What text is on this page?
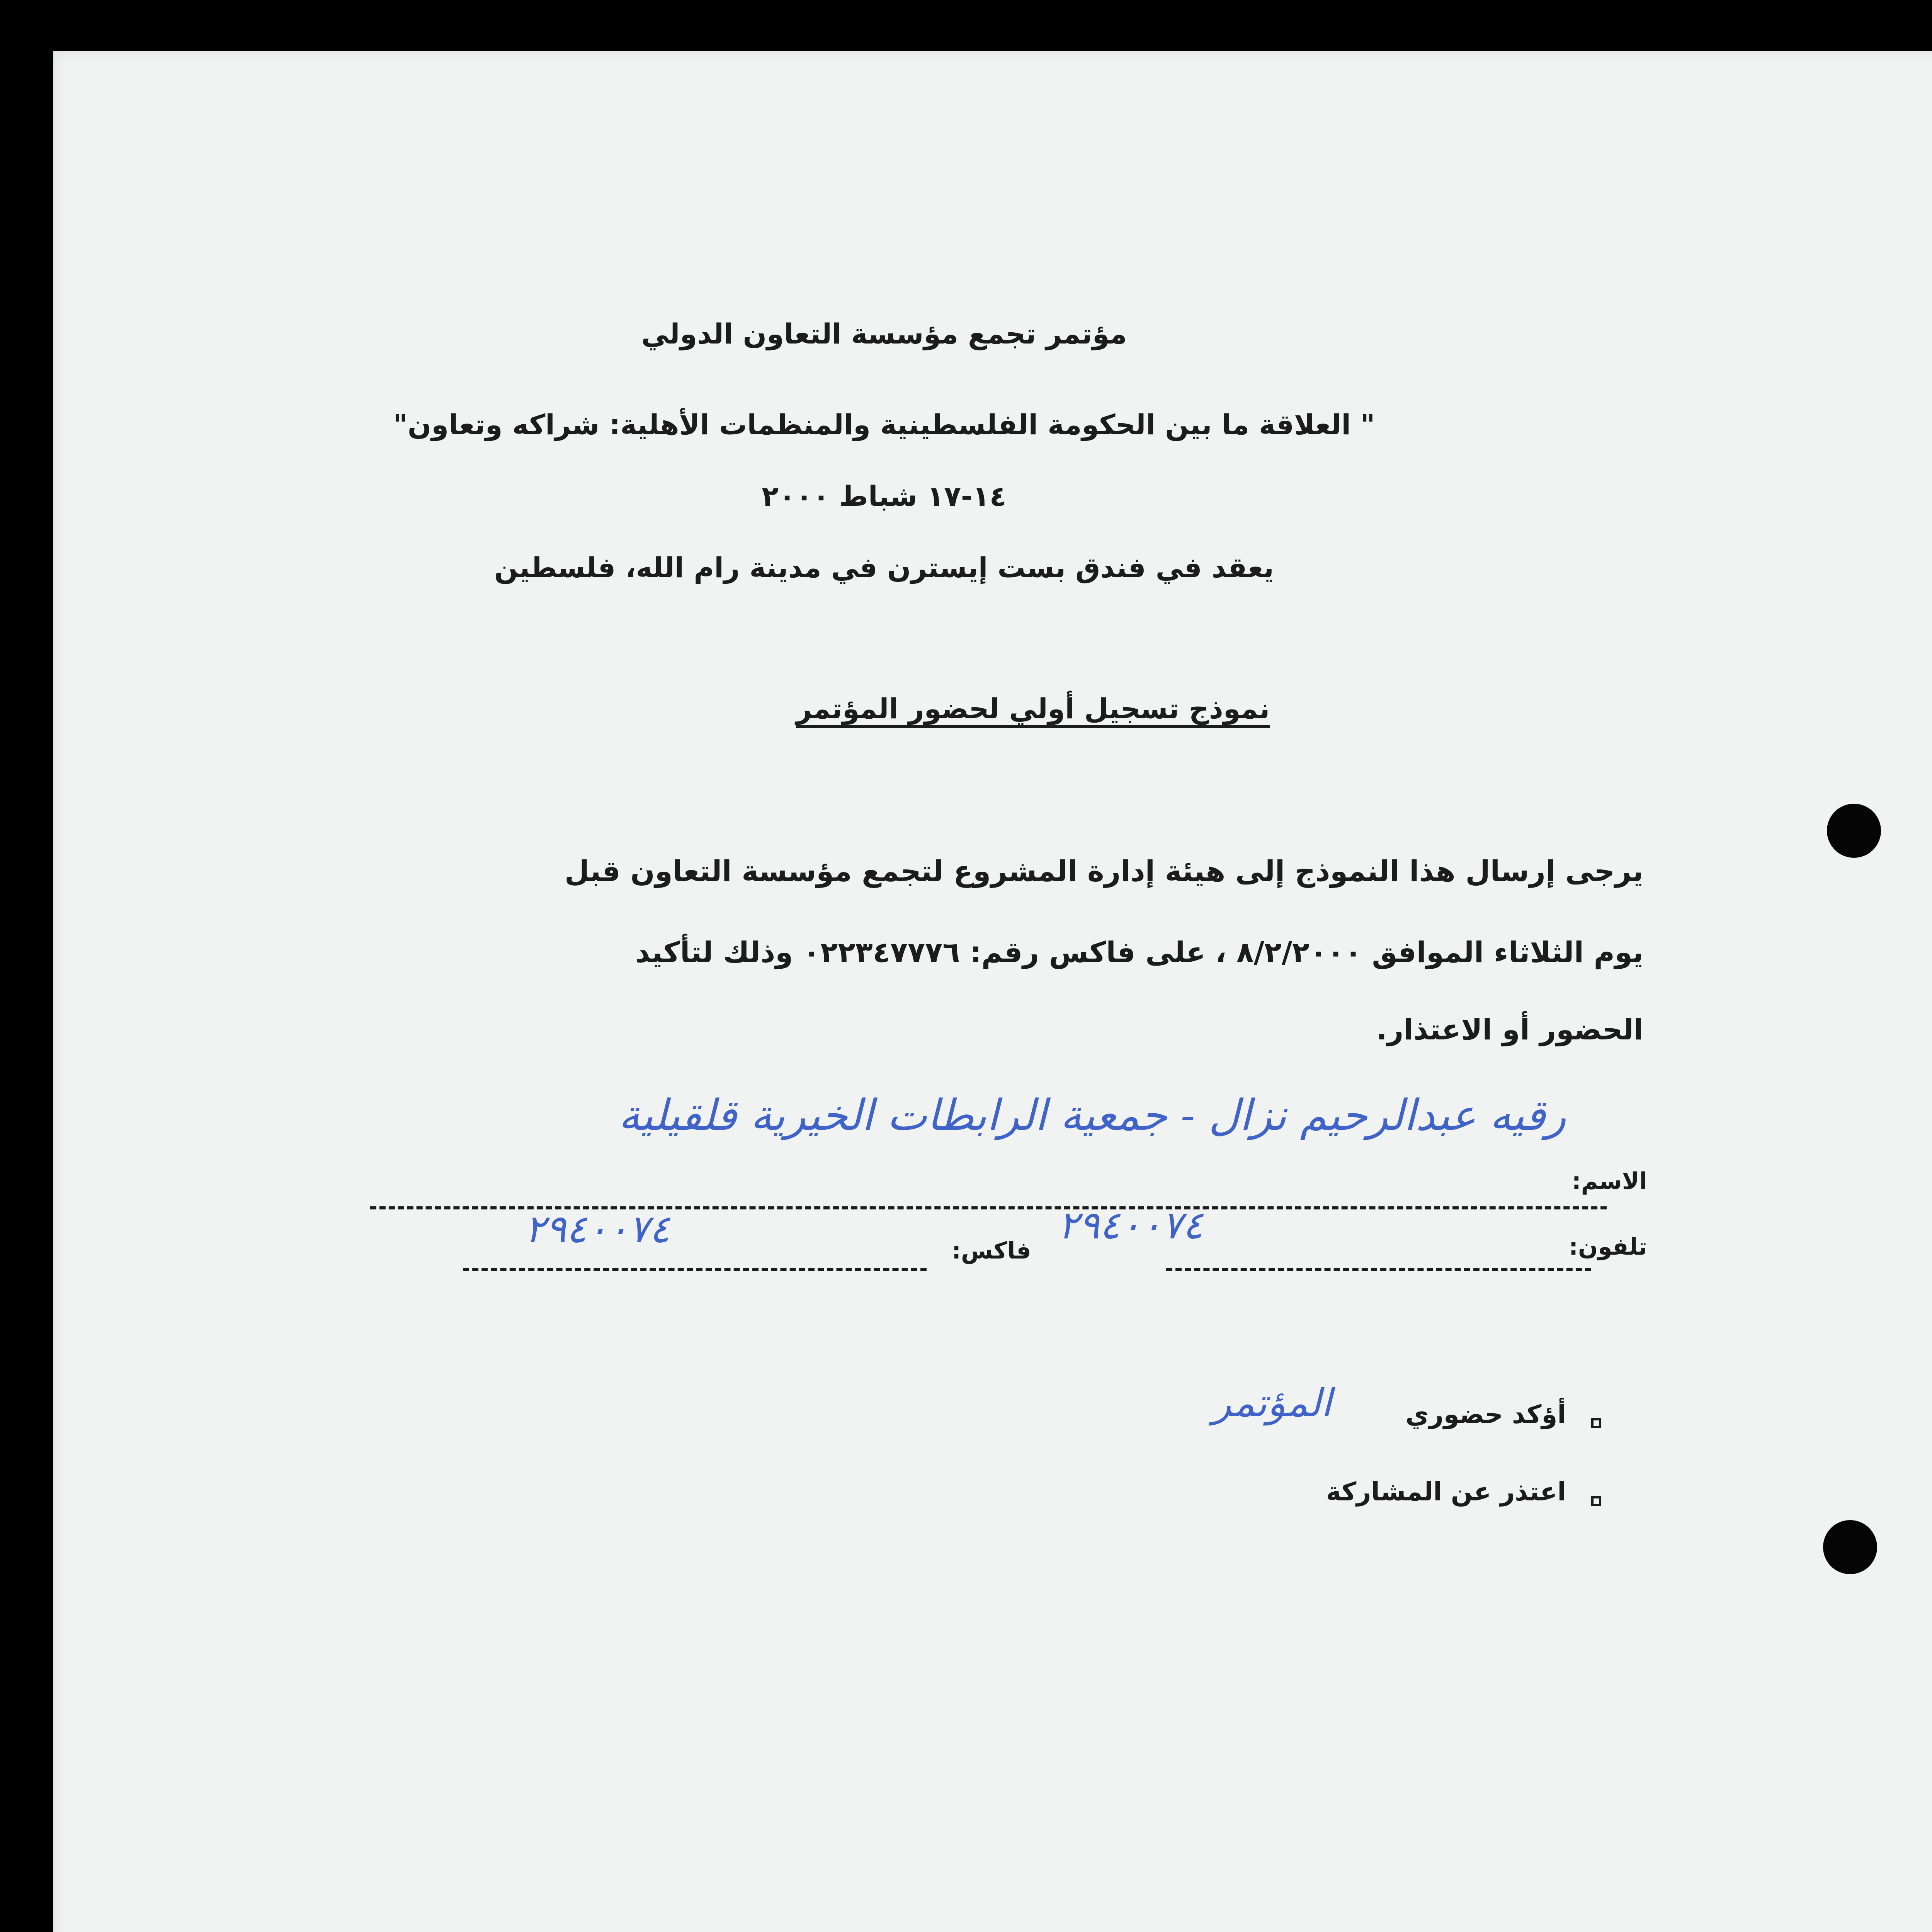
مؤتمر تجمع مؤسسة التعاون الدولي
" العلاقة ما بين الحكومة الفلسطينية والمنظمات الأهلية: شراكه وتعاون"
١٤-١٧ شباط ٢٠٠٠
يعقد في فندق بست إيسترن في مدينة رام الله، فلسطين
نموذج تسجيل أولي لحضور المؤتمر
يرجى إرسال هذا النموذج إلى هيئة إدارة المشروع لتجمع مؤسسة التعاون قبل
يوم الثلاثاء الموافق ٨/٢/٢٠٠٠ ، على فاكس رقم: ٠٢٢٣٤٧٧٧٦ وذلك لتأكيد
الحضور أو الاعتذار.
الاسم:
رقيه عبدالرحيم نزال - جمعية الرابطات الخيرية قلقيلية
تلفون:
٢٩٤٠٠٧٤
فاكس:
٢٩٤٠٠٧٤
أؤكد حضوري
المؤتمر
اعتذر عن المشاركة
